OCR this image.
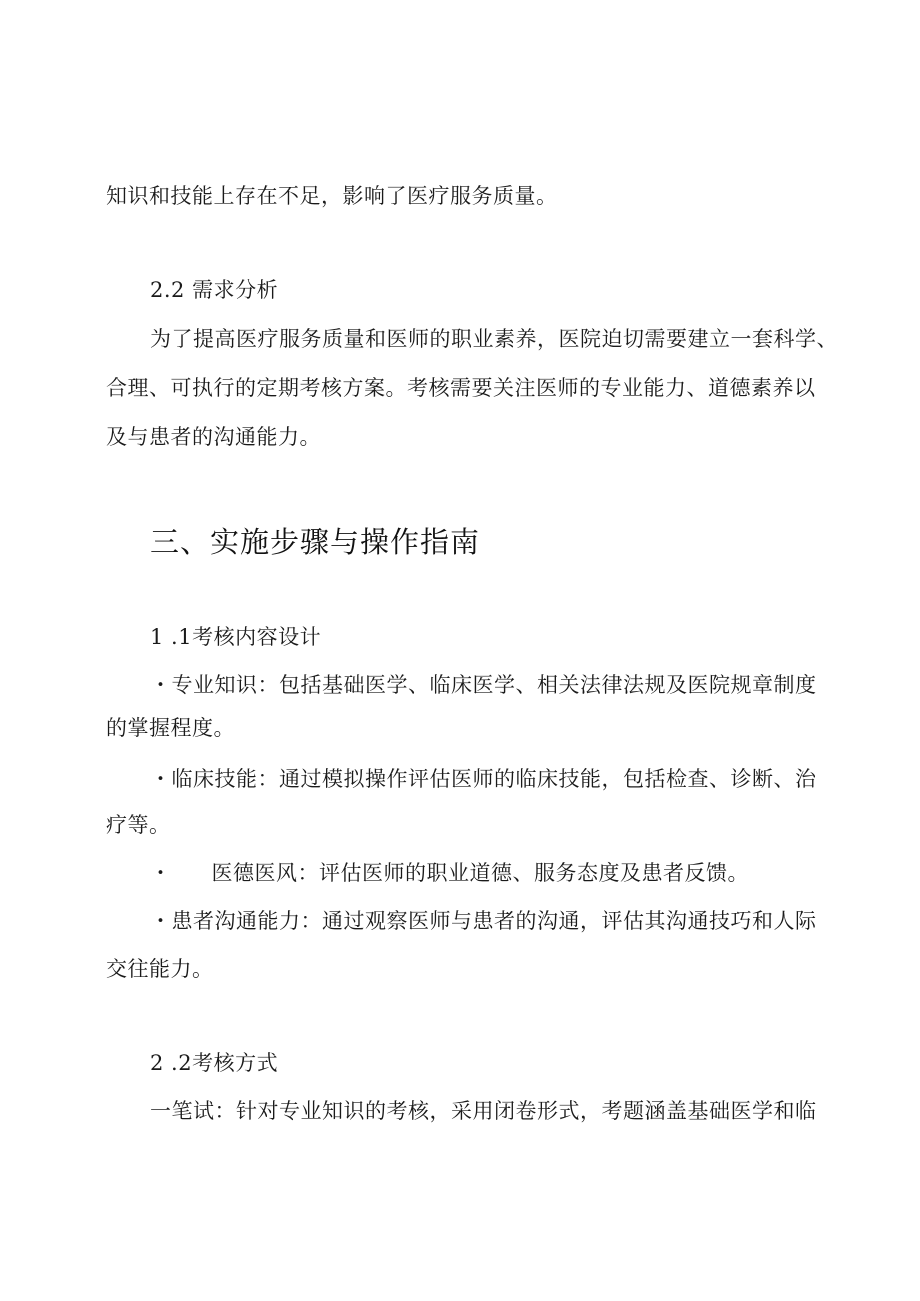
知识和技能上存在不足，影响了医疗服务质量。
2.2 需求分析
为了提高医疗服务质量和医师的职业素养，医院迫切需要建立一套科学、
合理、可执行的定期考核方案。考核需要关注医师的专业能力、道德素养以
及与患者的沟通能力。
三、实施步骤与操作指南
1 .1考核内容设计
・专业知识：包括基础医学、临床医学、相关法律法规及医院规章制度
的掌握程度。
・临床技能：通过模拟操作评估医师的临床技能，包括检查、诊断、治
疗等。
・ 医德医风：评估医师的职业道德、服务态度及患者反馈。
・患者沟通能力：通过观察医师与患者的沟通，评估其沟通技巧和人际
交往能力。
2 .2考核方式
一笔试：针对专业知识的考核，采用闭卷形式，考题涵盖基础医学和临
